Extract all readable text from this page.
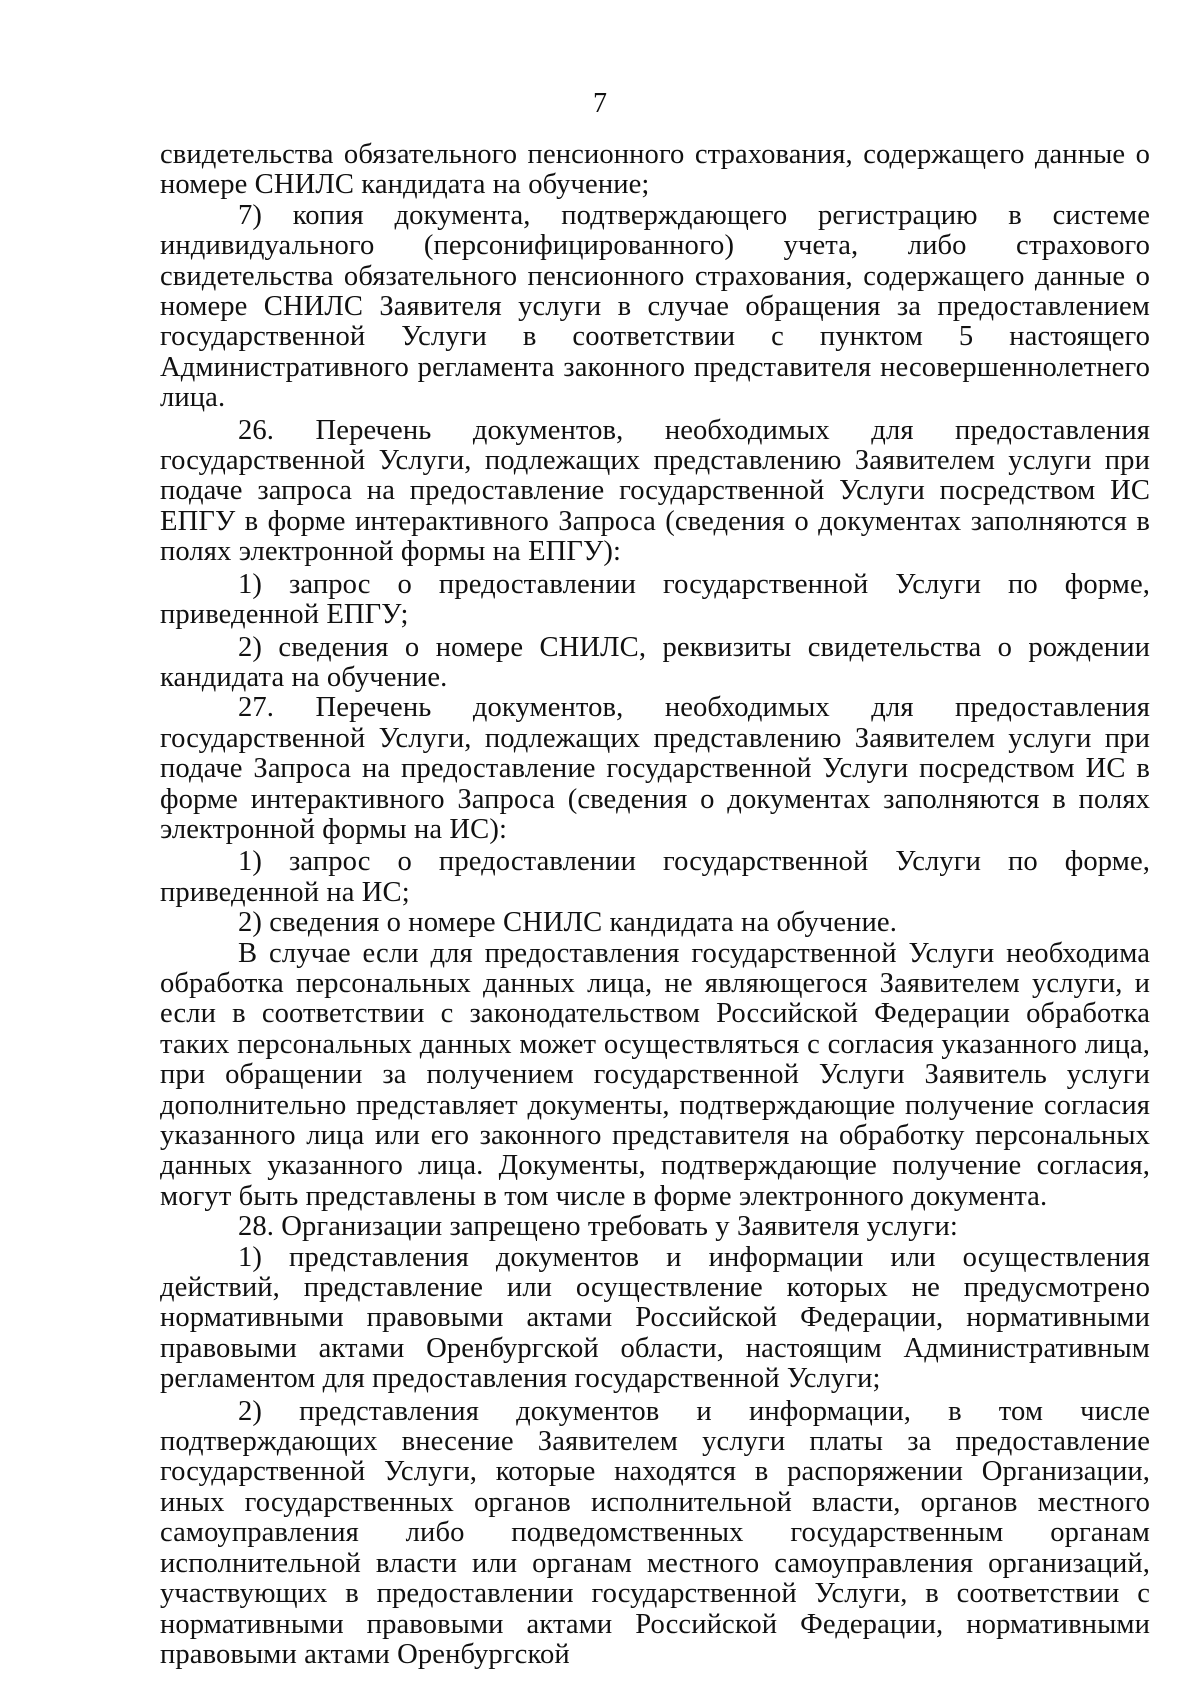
7

свидетельства обязательного пенсионного страхования, содержащего данные о номере СНИЛС кандидата на обучение;

7) копия документа, подтверждающего регистрацию в системе индивидуального (персонифицированного) учета, либо страхового свидетельства обязательного пенсионного страхования, содержащего данные о номере СНИЛС Заявителя услуги в случае обращения за предоставлением государственной Услуги в соответствии с пунктом 5 настоящего Административного регламента законного представителя несовершеннолетнего лица.

26. Перечень документов, необходимых для предоставления государственной Услуги, подлежащих представлению Заявителем услуги при подаче запроса на предоставление государственной Услуги посредством ИС ЕПГУ в форме интерактивного Запроса (сведения о документах заполняются в полях электронной формы на ЕПГУ):

1) запрос о предоставлении государственной Услуги по форме, приведенной ЕПГУ;

2) сведения о номере СНИЛС, реквизиты свидетельства о рождении кандидата на обучение.

27. Перечень документов, необходимых для предоставления государственной Услуги, подлежащих представлению Заявителем услуги при подаче Запроса на предоставление государственной Услуги посредством ИС в форме интерактивного Запроса (сведения о документах заполняются в полях электронной формы на ИС):

1) запрос о предоставлении государственной Услуги по форме, приведенной на ИС;

2) сведения о номере СНИЛС кандидата на обучение.

В случае если для предоставления государственной Услуги необходима обработка персональных данных лица, не являющегося Заявителем услуги, и если в соответствии с законодательством Российской Федерации обработка таких персональных данных может осуществляться с согласия указанного лица, при обращении за получением государственной Услуги Заявитель услуги дополнительно представляет документы, подтверждающие получение согласия указанного лица или его законного представителя на обработку персональных данных указанного лица. Документы, подтверждающие получение согласия, могут быть представлены в том числе в форме электронного документа.

28. Организации запрещено требовать у Заявителя услуги:

1) представления документов и информации или осуществления действий, представление или осуществление которых не предусмотрено нормативными правовыми актами Российской Федерации, нормативными правовыми актами Оренбургской области, настоящим Административным регламентом для предоставления государственной Услуги;

2) представления документов и информации, в том числе подтверждающих внесение Заявителем услуги платы за предоставление государственной Услуги, которые находятся в распоряжении Организации, иных государственных органов исполнительной власти, органов местного самоуправления либо подведомственных государственным органам исполнительной власти или органам местного самоуправления организаций, участвующих в предоставлении государственной Услуги, в соответствии с нормативными правовыми актами Российской Федерации, нормативными правовыми актами Оренбургской
